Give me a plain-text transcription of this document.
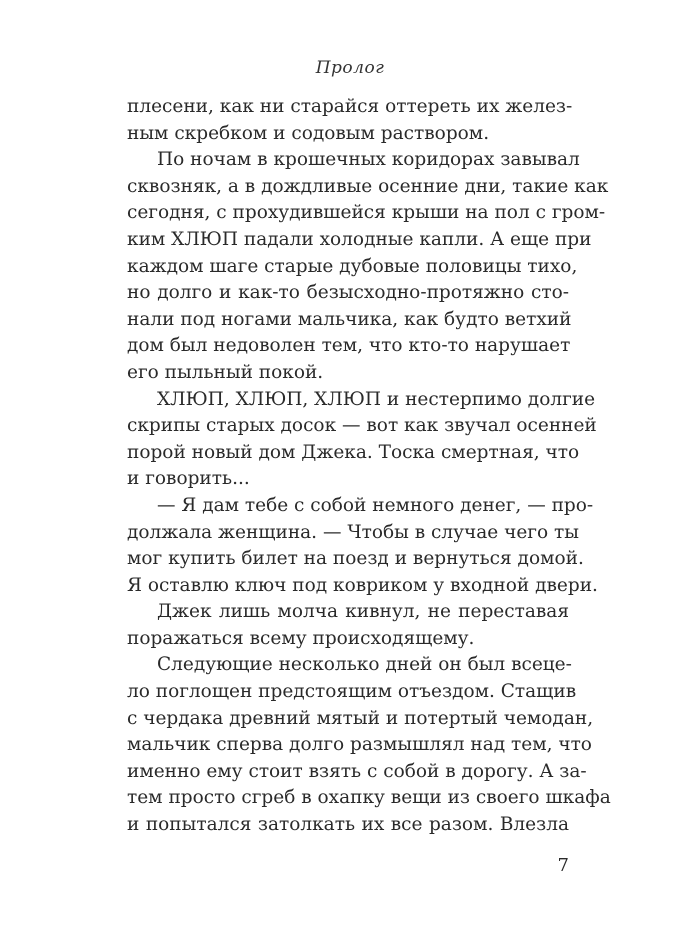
Пролог
плесени, как ни старайся оттереть их желез-
ным скребком и содовым раствором.
По ночам в крошечных коридорах завывал
сквозняк, а в дождливые осенние дни, такие как
сегодня, с прохудившейся крыши на пол с гром-
ким ХЛЮП падали холодные капли. А еще при
каждом шаге старые дубовые половицы тихо,
но долго и как-то безысходно-протяжно сто-
нали под ногами мальчика, как будто ветхий
дом был недоволен тем, что кто-то нарушает
его пыльный покой.
ХЛЮП, ХЛЮП, ХЛЮП и нестерпимо долгие
скрипы старых досок — вот как звучал осенней
порой новый дом Джека. Тоска смертная, что
и говорить...
— Я дам тебе с собой немного денег, — про-
должала женщина. — Чтобы в случае чего ты
мог купить билет на поезд и вернуться домой.
Я оставлю ключ под ковриком у входной двери.
Джек лишь молча кивнул, не переставая
поражаться всему происходящему.
Следующие несколько дней он был всеце-
ло поглощен предстоящим отъездом. Стащив
с чердака древний мятый и потертый чемодан,
мальчик сперва долго размышлял над тем, что
именно ему стоит взять с собой в дорогу. А за-
тем просто сгреб в охапку вещи из своего шкафа
и попытался затолкать их все разом. Влезла
7
